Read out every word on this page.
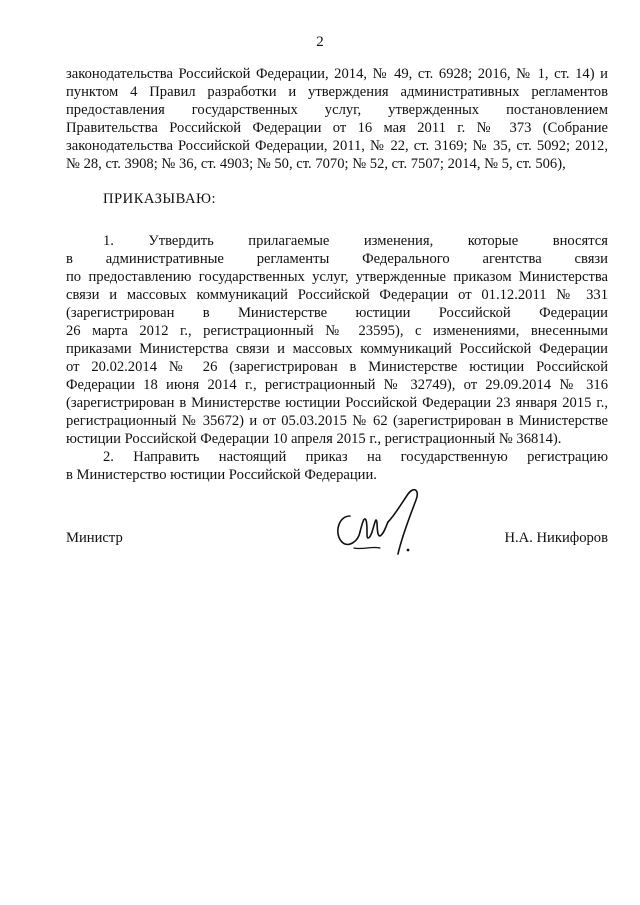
2
законодательства Российской Федерации, 2014, № 49, ст. 6928; 2016, № 1, ст. 14) и
пунктом 4 Правил разработки и утверждения административных регламентов
предоставления государственных услуг, утвержденных постановлением
Правительства Российской Федерации от 16 мая 2011 г. № 373 (Собрание
законодательства Российской Федерации, 2011, № 22, ст. 3169; № 35, ст. 5092; 2012,
№ 28, ст. 3908; № 36, ст. 4903; № 50, ст. 7070; № 52, ст. 7507; 2014, № 5, ст. 506),
ПРИКАЗЫВАЮ:
1. Утвердить прилагаемые изменения, которые вносятся
в административные регламенты Федерального агентства связи
по предоставлению государственных услуг, утвержденные приказом Министерства
связи и массовых коммуникаций Российской Федерации от 01.12.2011 № 331
(зарегистрирован в Министерстве юстиции Российской Федерации
26 марта 2012 г., регистрационный № 23595), с изменениями, внесенными
приказами Министерства связи и массовых коммуникаций Российской Федерации
от 20.02.2014 № 26 (зарегистрирован в Министерстве юстиции Российской
Федерации 18 июня 2014 г., регистрационный № 32749), от 29.09.2014 № 316
(зарегистрирован в Министерстве юстиции Российской Федерации 23 января 2015 г.,
регистрационный № 35672) и от 05.03.2015 № 62 (зарегистрирован в Министерстве
юстиции Российской Федерации 10 апреля 2015 г., регистрационный № 36814).
2. Направить настоящий приказ на государственную регистрацию
в Министерство юстиции Российской Федерации.
Министр	Н.А. Никифоров
